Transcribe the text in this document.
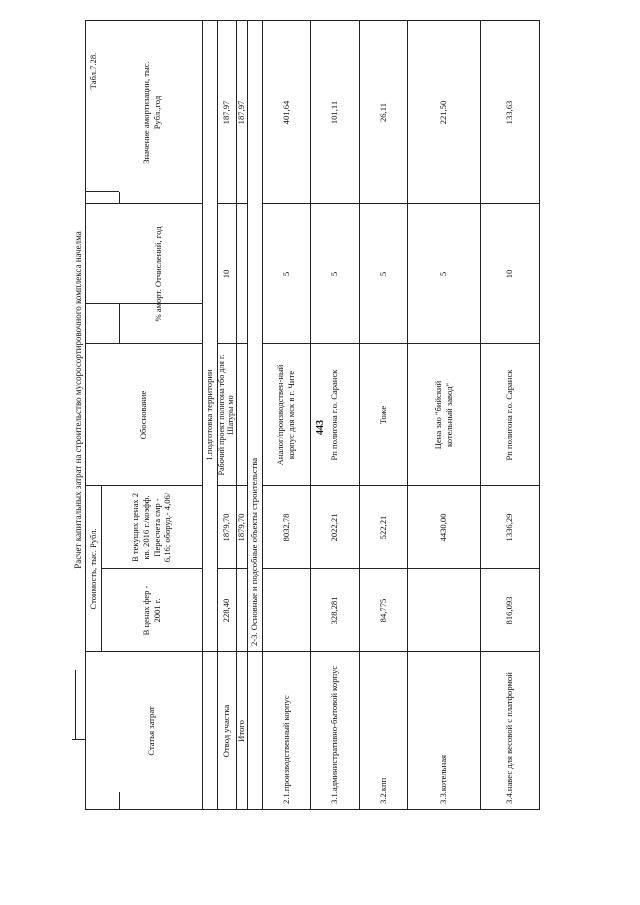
443
Расчет капитальных затрат на строительство мусоросортировочного комплекса начелма
Табл.7.28.
Статья затрат
Стоимость, тыс. Рубл.
В ценах фер - 2001 г.
В текущих ценах 2 кв. 2016 г./коэфф. Пересчета смр - 6,16; оборуд.- 4,06/
Обоснование
% аморт. Отчислений, год
Значение амортизации, тыс. Рубл.,год
1.подготовка территории
Отвод участка
228,40
1879,70
Рабочий проект полигона тбо для г. Шатуры мо
10
187,97
Итого
1879,70
187,97
2-3. Основные и подсобные объекты строительства
2.1.производственный корпус
8032,78
Аналог/производствен-ный корпус для мск в г. Чите
5
401,64
3.1.административно-бытовой корпус
328,281
2022,21
Рп полигона г.о. Саранск
5
101,11
3.2.кпп
84,775
522,21
Тоже
5
26,11
3.3.котельная
4430,00
Цена зао "бийский котельный завод"
5
221,50
3.4.навес для весовой с платформой
816,093
1336,29
Рп полигона г.о. Саранск
10
133,63
